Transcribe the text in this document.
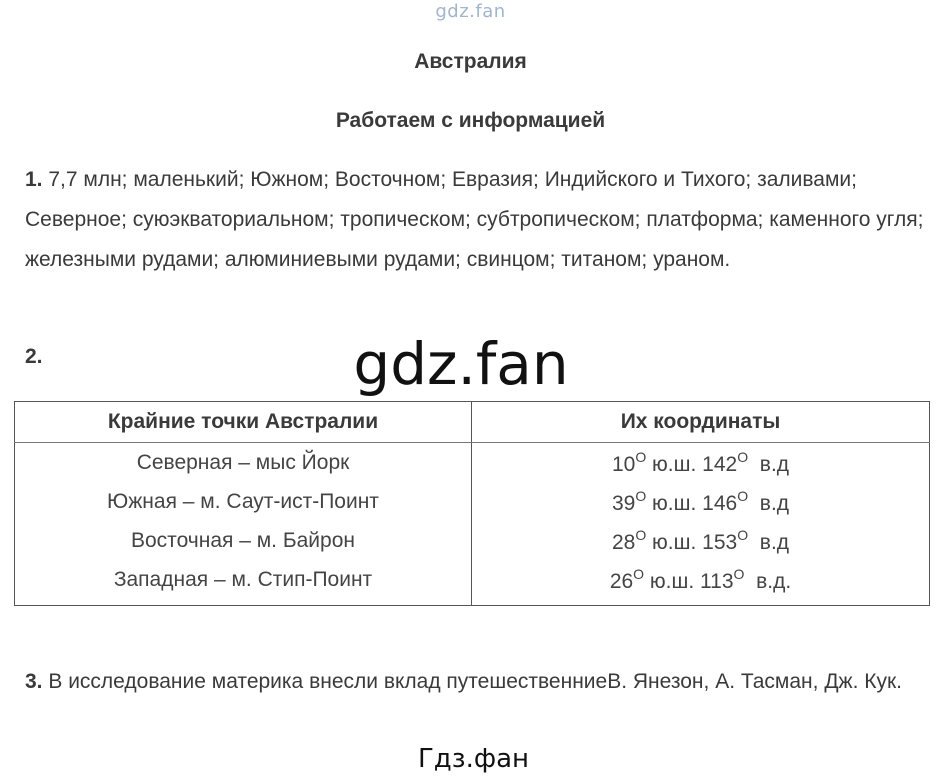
gdz.fan
Австралия
Работаем с информацией
1. 7,7 млн; маленький; Южном; Восточном; Евразия; Индийского и Тихого; заливами; Северное; суюэкваториальном; тропическом; субтропическом; платформа; каменного угля; железными рудами; алюминиевыми рудами; свинцом; титаном; ураном.
2.
Крайние точки Австралии	Их координаты
Северная – мыс Йорк	$10^O$ ю.ш. $142^O$ в.д
Южная – м. Саут-ист-Поинт	$39^O$ ю.ш. $146^O$ в.д
Восточная – м. Байрон	$28^O$ ю.ш. $153^O$ в.д
Западная – м. Стип-Поинт	$26^O$ ю.ш. $113^O$ в.д.
gdz.fan
3. В исследование материка внесли вклад путешественниеВ. Янезон, А. Тасман, Дж. Кук.
Гдз.фан
